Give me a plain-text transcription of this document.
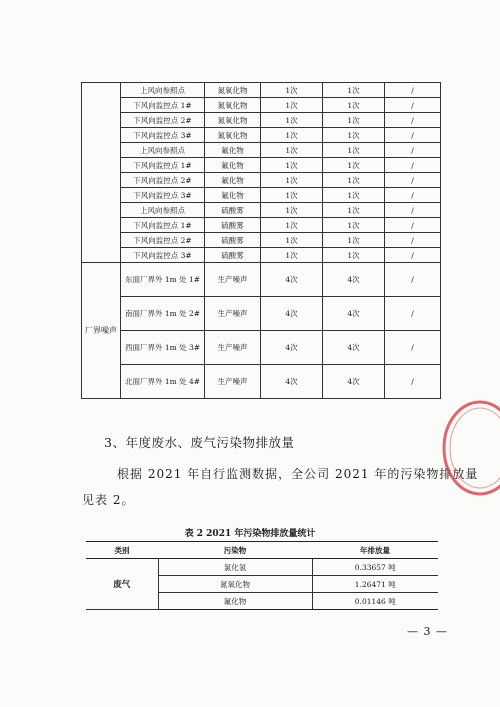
	上风向参照点	氮氧化物	1次	1次	/
	下风向监控点 1#	氮氧化物	1次	1次	/
	下风向监控点 2#	氮氧化物	1次	1次	/
	下风向监控点 3#	氮氧化物	1次	1次	/
	上风向参照点	氟化物	1次	1次	/
	下风向监控点 1#	氟化物	1次	1次	/
	下风向监控点 2#	氟化物	1次	1次	/
	下风向监控点 3#	氟化物	1次	1次	/
	上风向参照点	硫酸雾	1次	1次	/
	下风向监控点 1#	硫酸雾	1次	1次	/
	下风向监控点 2#	硫酸雾	1次	1次	/
	下风向监控点 3#	硫酸雾	1次	1次	/
厂界噪声	东面厂界外 1m 处 1#	生产噪声	4次	4次	/
	南面厂界外 1m 处 2#	生产噪声	4次	4次	/
	西面厂界外 1m 处 3#	生产噪声	4次	4次	/
	北面厂界外 1m 处 4#	生产噪声	4次	4次	/
3、年度废水、废气污染物排放量
根据 2021 年自行监测数据，全公司 2021 年的污染物排放量
见表 2。
表 2 2021 年污染物排放量统计
类别	污染物	年排放量
废气	氯化氢	0.33657 吨
	氮氧化物	1.26471 吨
	氟化物	0.01146 吨
— 3 —
